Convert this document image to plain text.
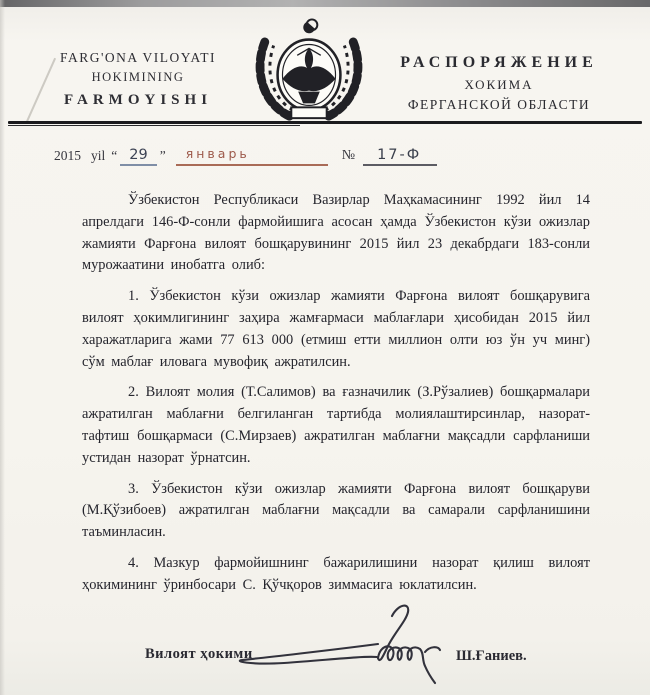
FARG'ONA VILOYATI
HOKIMINING
FARMOYISHI
РАСПОРЯЖЕНИЕ
ХОКИМА
ФЕРГАНСКОЙ ОБЛАСТИ
2015 yil “ 29 ”	январь	№	17-Ф

Ўзбекистон Республикаси Вазирлар Маҳкамасининг 1992 йил 14 апрелдаги 146-Ф-сонли фармойишига асосан ҳамда Ўзбекистон кўзи ожизлар жамияти Фарғона вилоят бошқарувининг 2015 йил 23 декабрдаги 183-сонли мурожаатини инобатга олиб:

1. Ўзбекистон кўзи ожизлар жамияти Фарғона вилоят бошқарувига вилоят ҳокимлигининг заҳира жамғармаси маблағлари ҳисобидан 2015 йил харажатларига жами 77 613 000 (етмиш етти миллион олти юз ўн уч минг) сўм маблағ иловага мувофиқ ажратилсин.

2. Вилоят молия (Т.Салимов) ва ғазначилик (З.Рўзалиев) бошқармалари ажратилган маблағни белгиланган тартибда молиялаштирсинлар, назорат-тафтиш бошқармаси (С.Мирзаев) ажратилган маблағни мақсадли сарфланиши устидан назорат ўрнатсин.

3. Ўзбекистон кўзи ожизлар жамияти Фарғона вилоят бошқаруви (М.Қўзибоев) ажратилган маблағни мақсадли ва самарали сарфланишини таъминласин.

4. Мазкур фармойишнинг бажарилишини назорат қилиш вилоят ҳокимининг ўринбосари С. Қўчқоров зиммасига юклатилсин.

Вилоят ҳокими	Ш.Ғаниев.
